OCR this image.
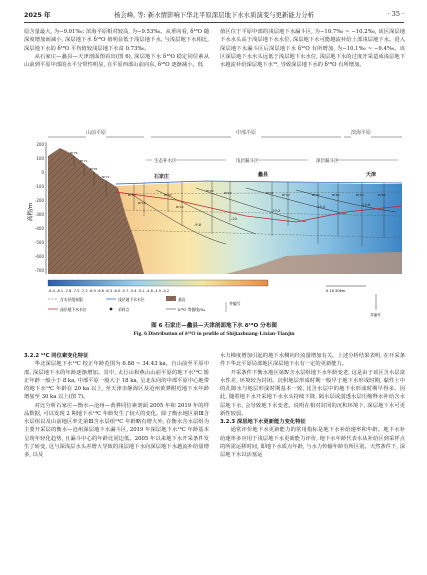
2025 年	杨会峰, 等: 新水情影响下华北平原深层地下水水质演变与更新能力分析	· 35 ·

原含量最大, 为−9.01‰; 滨海平原相对较高, 为−9.53‰。从垂向看, δ¹⁸O 随深度增加而减小, 深层地下水 δ¹⁸O 值明显低于浅层地下水, 与浅层地下水相比, 深层地下水的 δ¹⁸O 平均值较浅层地下水贫 0.73‰。

从石家庄—蠡县—天津剖面图看出(图 6), 深层地下水 δ¹⁸O 稳定同位素从山前到平原中部的水平分带性明显, 自平原西部山前向东, δ¹⁸O 逐渐减小。低

值区位于平原中部的浅层地下水漏斗区, 为−10.7‰ ~ −10.2‰, 该区深层地下水水头高于浅层地下水水位, 深层地下水可能越流补给上部浅层地下水。进入深层地下水漏斗区后深层地下水 δ¹⁸O 有所增加, 为−10.1‰ ~ −9.4‰。该区深层地下水水头远低于浅层地下水水位, 浅层地下水的过度开采造成浅层地下水越流补给深层地下水¹⁹, 导致深层地下水的 δ¹⁸O 有所增加。

高程/m
200
100
0
-100
-200
-300
-400
-500
-600
-700
山前平原	中部平原	滨海平原
-9.8
-10
-10.2
-10.4	-10.6
生态补水区	浅层漏斗区	深层漏斗区
石家庄	蠡县	天津
BY76
BY71
BY81
BY72
BY12
BY18
BY20
BY14
BY29	BY22	BY42	BY40	BY32	BY64	BY36	BY69
-8.4 -8.1 -7.8 -7.5 -7.2 -6.9 -6.6 -6.3 -6.0 -5.7 -5.4 -5.1 -4.8 -4.5 -4.2
含水层组界限	浅层地下水水位
深层地下水水位	采样点
基岩
δ¹⁸O 等值线/‰
井编号
0 10 20km
井编号
图 6 石家庄—蠡县—天津剖面地下水 δ¹⁸O 分布图
Fig. 6 Distribution of δ¹⁸O in profile of Shijiazhuang-Lixian-Tianjin

3.2.2 ¹⁴C 同位素变化特征

华北深层地下水¹⁴C 校正年龄范围为 6.88 ~ 34.43 ka。自山前至平原中部, 深层地下水的年龄逐渐增加。其中, 太行山和燕山山前平原的地下水¹⁴C 矫正年龄一般小于 8 ka, 中部平原一般大于 18 ka, 呈北东向的中部平原中心地带的地下水¹⁴C 年龄在 20 ka 以上, 至天津市静海区及沧州黄骅附近地下水年龄增加至 30 ka 以上(图 7)。

对比分析石家庄—衡水—沧州—黄骅同位素剖面 2005 年和 2019 年的样品数据, 可以发现 2 期地下水¹⁴C 年龄发生了较大的变化。除了衡水地区第Ⅲ含水层组以及山前地区率先第Ⅲ含水层组¹⁴C 年龄略有增大外, 在衡水含水层组为主要开采层的衡水—沧州深层地下水漏斗区, 2019 年深层地下水¹⁴C 年龄基本呈现年轻化趋势, 且漏斗中心的年龄比同边低。2005 年以来地下水开采条件发生了转变, 这与深浅层水头差增大导致的浅层地下水向深层地下水越流补给量增多, 以及

水力梯度增加引起的地下水侧向径流量增加有关。上述分析结果表明, 在开采条件下华北平原局部地区深层地下水有一定的更新能力。

开采条件下衡水地区第Ⅳ含水层组地下水年龄变老, 这是由于该区含水层富水性差, 环境较为封闭。沉积地层形成时期一般早于地下水形成时期, 黏性土中的孔隙水与地层形成时期基本一致, 比含水层中的地下水形成时期早得多。因此, 随着地下水开采地下水水头持续下降, 隔水层或弱透水层压缩释水补给含水层地下水, 会导致地下水变老。说明在相对封闭的沉积环境下, 深层地下水可更新性较弱。

3.2.3 深层地下水更新能力变化特征

通常评价地下水更新能力的常用指标是地下水补给速率和年龄。地下水补给速率多应用于浅层地下水更新能力评价, 地下水年龄代表水从补给区到采样点的所需运移时间, 即地下水质点年龄, 与水力传输年龄有所区别。天然条件下, 深层地下水以活塞运
